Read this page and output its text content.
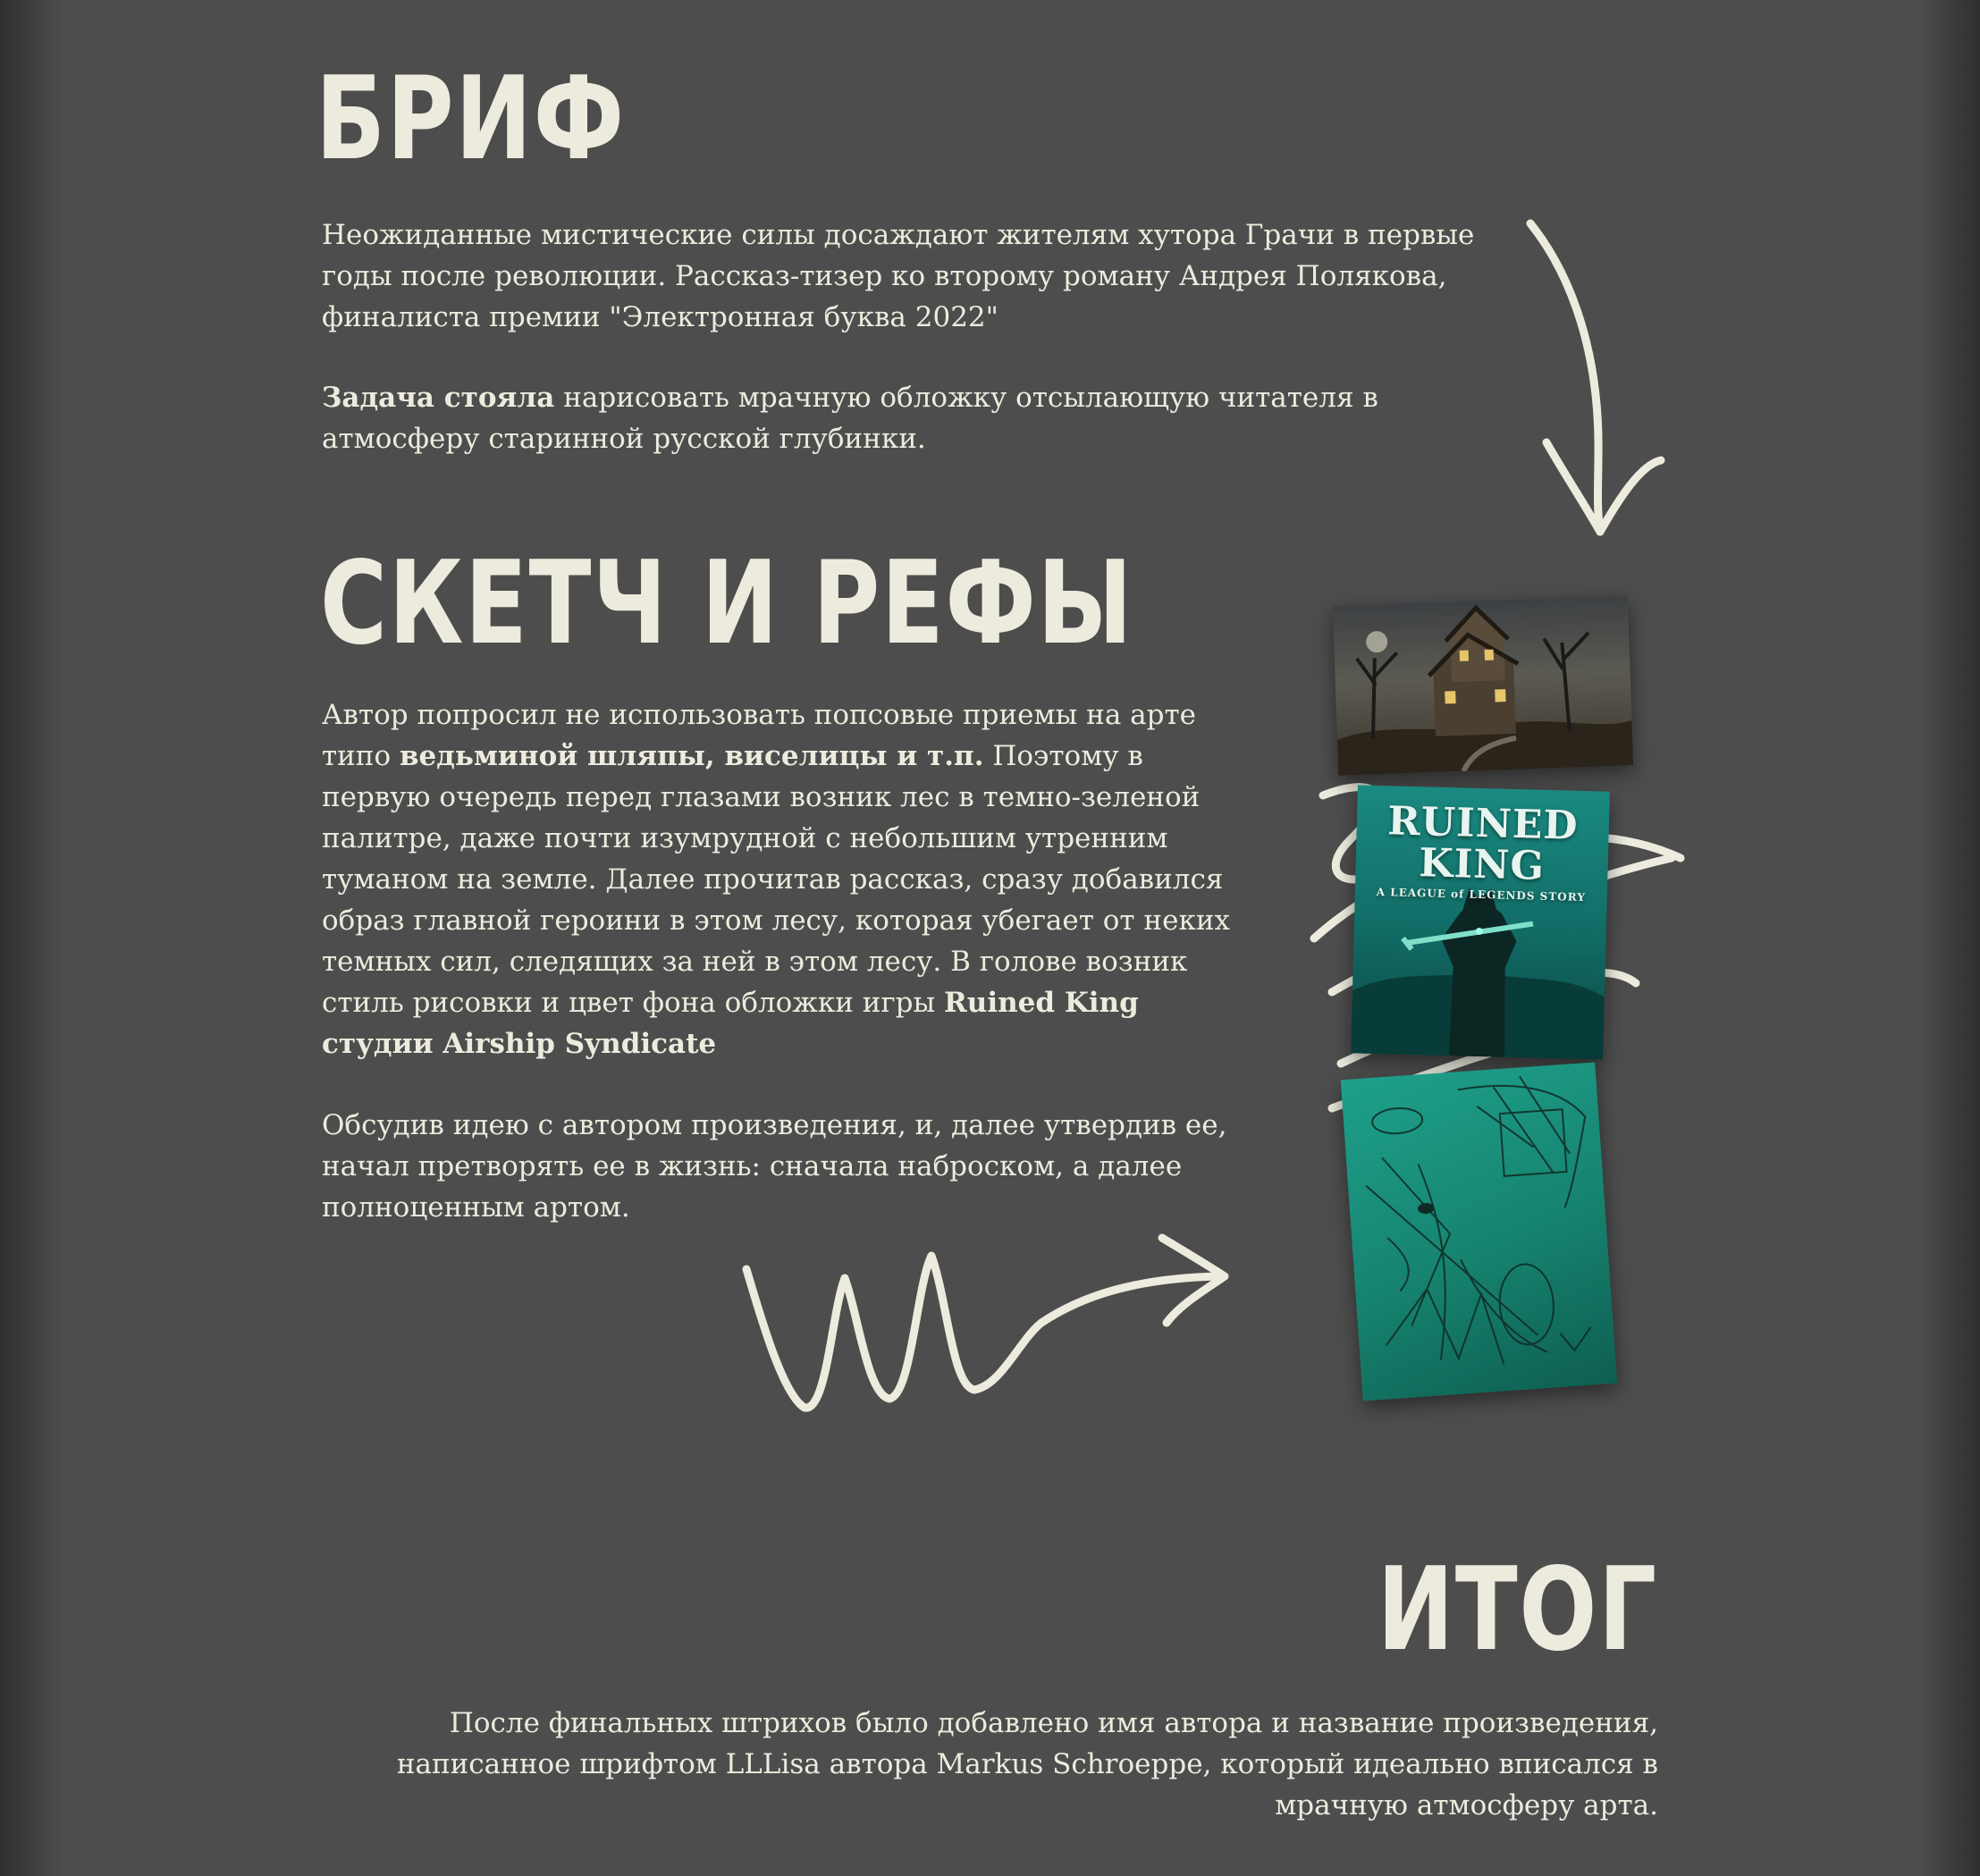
БРИФ

Неожиданные мистические силы досаждают жителям хутора Грачи в первые годы после революции. Рассказ-тизер ко второму роману Андрея Полякова, финалиста премии "Электронная буква 2022"

Задача стояла нарисовать мрачную обложку отсылающую читателя в атмосферу старинной русской глубинки.

СКЕТЧ И РЕФЫ

Автор попросил не использовать попсовые приемы на арте типо ведьминой шляпы, виселицы и т.п. Поэтому в первую очередь перед глазами возник лес в темно-зеленой палитре, даже почти изумрудной с небольшим утренним туманом на земле. Далее прочитав рассказ, сразу добавился образ главной героини в этом лесу, которая убегает от неких темных сил, следящих за ней в этом лесу. В голове возник стиль рисовки и цвет фона обложки игры Ruined King студии Airship Syndicate

Обсудив идею с автором произведения, и, далее утвердив ее, начал претворять ее в жизнь: сначала наброском, а далее полноценным артом.

RUINED
KING
A LEAGUE of LEGENDS STORY
ИТОГ

После финальных штрихов было добавлено имя автора и название произведения, написанное шрифтом LLLisa автора Markus Schroeppe, который идеально вписался в мрачную атмосферу арта.
